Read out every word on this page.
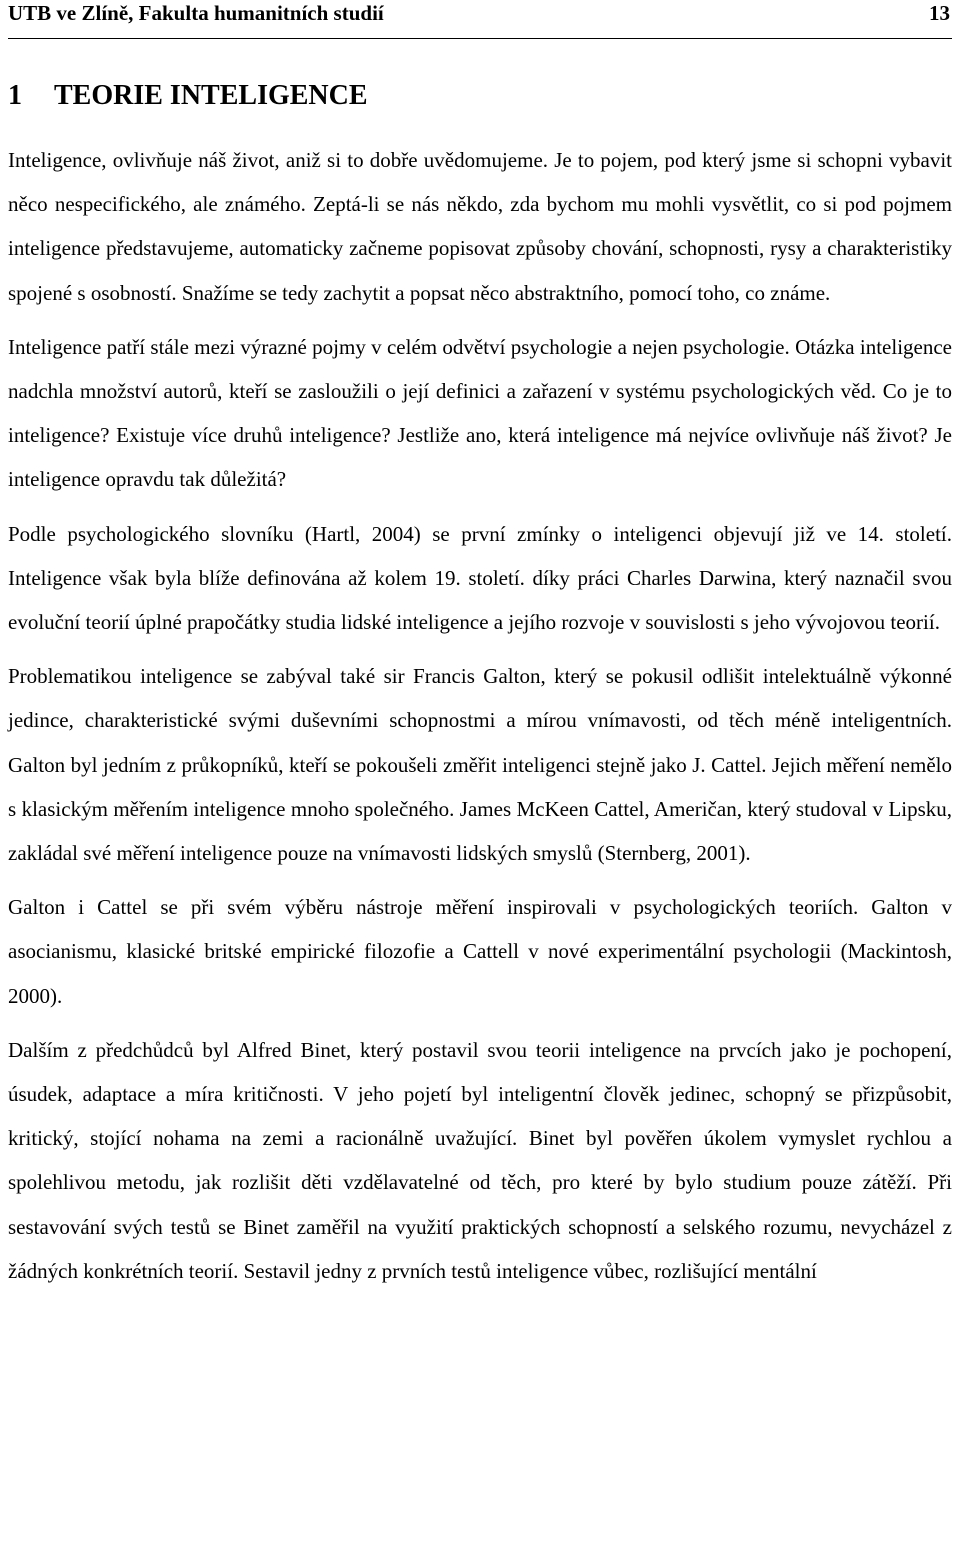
UTB ve Zlíně, Fakulta humanitních studií	13
1 TEORIE INTELIGENCE

Inteligence, ovlivňuje náš život, aniž si to dobře uvědomujeme. Je to pojem, pod který jsme si schopni vybavit něco nespecifického, ale známého. Zeptá-li se nás někdo, zda bychom mu mohli vysvětlit, co si pod pojmem inteligence představujeme, automaticky začneme popisovat způsoby chování, schopnosti, rysy a charakteristiky spojené s osobností. Snažíme se tedy zachytit a popsat něco abstraktního, pomocí toho, co známe.

Inteligence patří stále mezi výrazné pojmy v celém odvětví psychologie a nejen psychologie. Otázka inteligence nadchla množství autorů, kteří se zasloužili o její definici a zařazení v systému psychologických věd. Co je to inteligence? Existuje více druhů inteligence? Jestliže ano, která inteligence má nejvíce ovlivňuje náš život? Je inteligence opravdu tak důležitá?

Podle psychologického slovníku (Hartl, 2004) se první zmínky o inteligenci objevují již ve 14. století. Inteligence však byla blíže definována až kolem 19. století. díky práci Charles Darwina, který naznačil svou evoluční teorií úplné prapočátky studia lidské inteligence a jejího rozvoje v souvislosti s jeho vývojovou teorií.

Problematikou inteligence se zabýval také sir Francis Galton, který se pokusil odlišit intelektuálně výkonné jedince, charakteristické svými duševními schopnostmi a mírou vnímavosti, od těch méně inteligentních. Galton byl jedním z průkopníků, kteří se pokoušeli změřit inteligenci stejně jako J. Cattel. Jejich měření nemělo s klasickým měřením inteligence mnoho společného. James McKeen Cattel, Američan, který studoval v Lipsku, zakládal své měření inteligence pouze na vnímavosti lidských smyslů (Sternberg, 2001).

Galton i Cattel se při svém výběru nástroje měření inspirovali v psychologických teoriích. Galton v asocianismu, klasické britské empirické filozofie a Cattell v nové experimentální psychologii (Mackintosh, 2000).

Dalším z předchůdců byl Alfred Binet, který postavil svou teorii inteligence na prvcích jako je pochopení, úsudek, adaptace a míra kritičnosti. V jeho pojetí byl inteligentní člověk jedinec, schopný se přizpůsobit, kritický, stojící nohama na zemi a racionálně uvažující. Binet byl pověřen úkolem vymyslet rychlou a spolehlivou metodu, jak rozlišit děti vzdělavatelné od těch, pro které by bylo studium pouze zátěží. Při sestavování svých testů se Binet zaměřil na využití praktických schopností a selského rozumu, nevycházel z žádných konkrétních teorií. Sestavil jedny z prvních testů inteligence vůbec, rozlišující mentální
